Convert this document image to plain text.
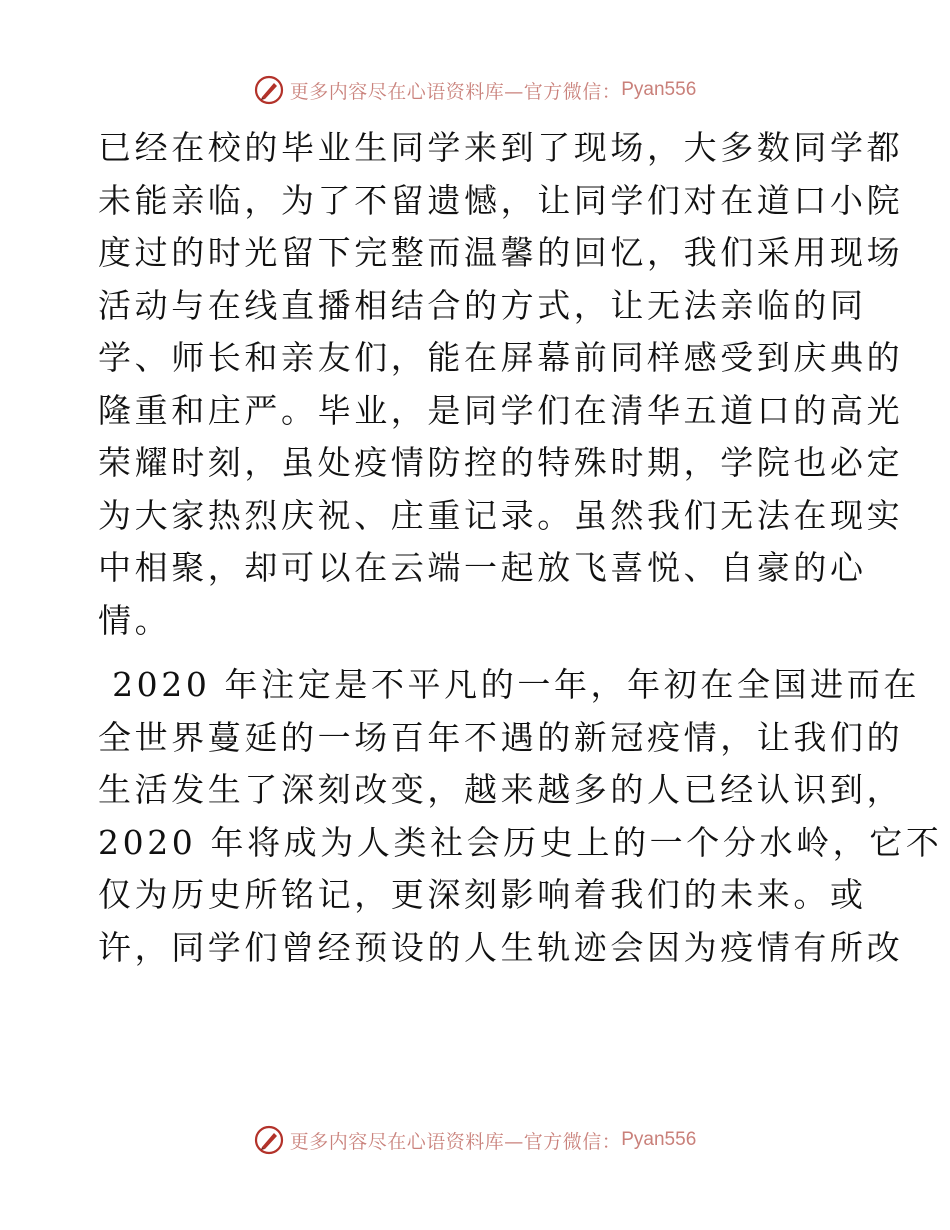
更多内容尽在心语资料库—官方微信： Pyan556
已经在校的毕业生同学来到了现场，大多数同学都
未能亲临，为了不留遗憾，让同学们对在道口小院
度过的时光留下完整而温馨的回忆，我们采用现场
活动与在线直播相结合的方式，让无法亲临的同
学、师长和亲友们，能在屏幕前同样感受到庆典的
隆重和庄严。毕业，是同学们在清华五道口的高光
荣耀时刻，虽处疫情防控的特殊时期，学院也必定
为大家热烈庆祝、庄重记录。虽然我们无法在现实
中相聚，却可以在云端一起放飞喜悦、自豪的心
情。
2020 年注定是不平凡的一年，年初在全国进而在
全世界蔓延的一场百年不遇的新冠疫情，让我们的
生活发生了深刻改变，越来越多的人已经认识到，
2020 年将成为人类社会历史上的一个分水岭，它不
仅为历史所铭记，更深刻影响着我们的未来。或
许，同学们曾经预设的人生轨迹会因为疫情有所改
更多内容尽在心语资料库—官方微信： Pyan556
